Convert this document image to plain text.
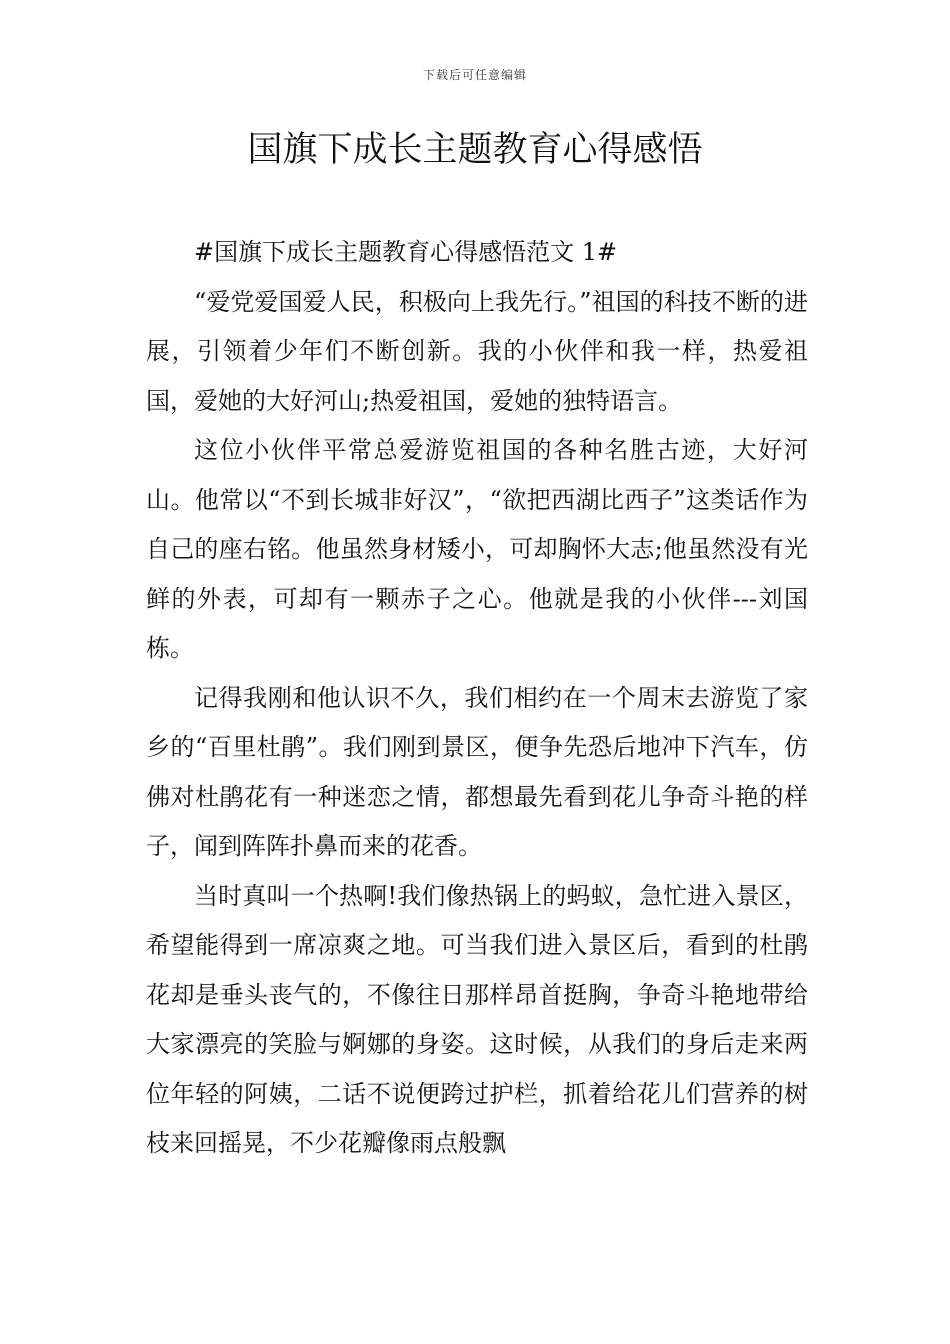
下载后可任意编辑
国旗下成长主题教育心得感悟

#国旗下成长主题教育心得感悟范文 1#

“爱党爱国爱人民，积极向上我先行。”祖国的科技不断的进展，引领着少年们不断创新。我的小伙伴和我一样，热爱祖国，爱她的大好河山;热爱祖国，爱她的独特语言。

这位小伙伴平常总爱游览祖国的各种名胜古迹，大好河山。他常以“不到长城非好汉”，“欲把西湖比西子”这类话作为自己的座右铭。他虽然身材矮小，可却胸怀大志;他虽然没有光鲜的外表，可却有一颗赤子之心。他就是我的小伙伴---刘国栋。

记得我刚和他认识不久，我们相约在一个周末去游览了家乡的“百里杜鹃”。我们刚到景区，便争先恐后地冲下汽车，仿佛对杜鹃花有一种迷恋之情，都想最先看到花儿争奇斗艳的样子，闻到阵阵扑鼻而来的花香。

当时真叫一个热啊!我们像热锅上的蚂蚁，急忙进入景区，希望能得到一席凉爽之地。可当我们进入景区后，看到的杜鹃花却是垂头丧气的，不像往日那样昂首挺胸，争奇斗艳地带给大家漂亮的笑脸与婀娜的身姿。这时候，从我们的身后走来两位年轻的阿姨，二话不说便跨过护栏，抓着给花儿们营养的树枝来回摇晃，不少花瓣像雨点般飘
